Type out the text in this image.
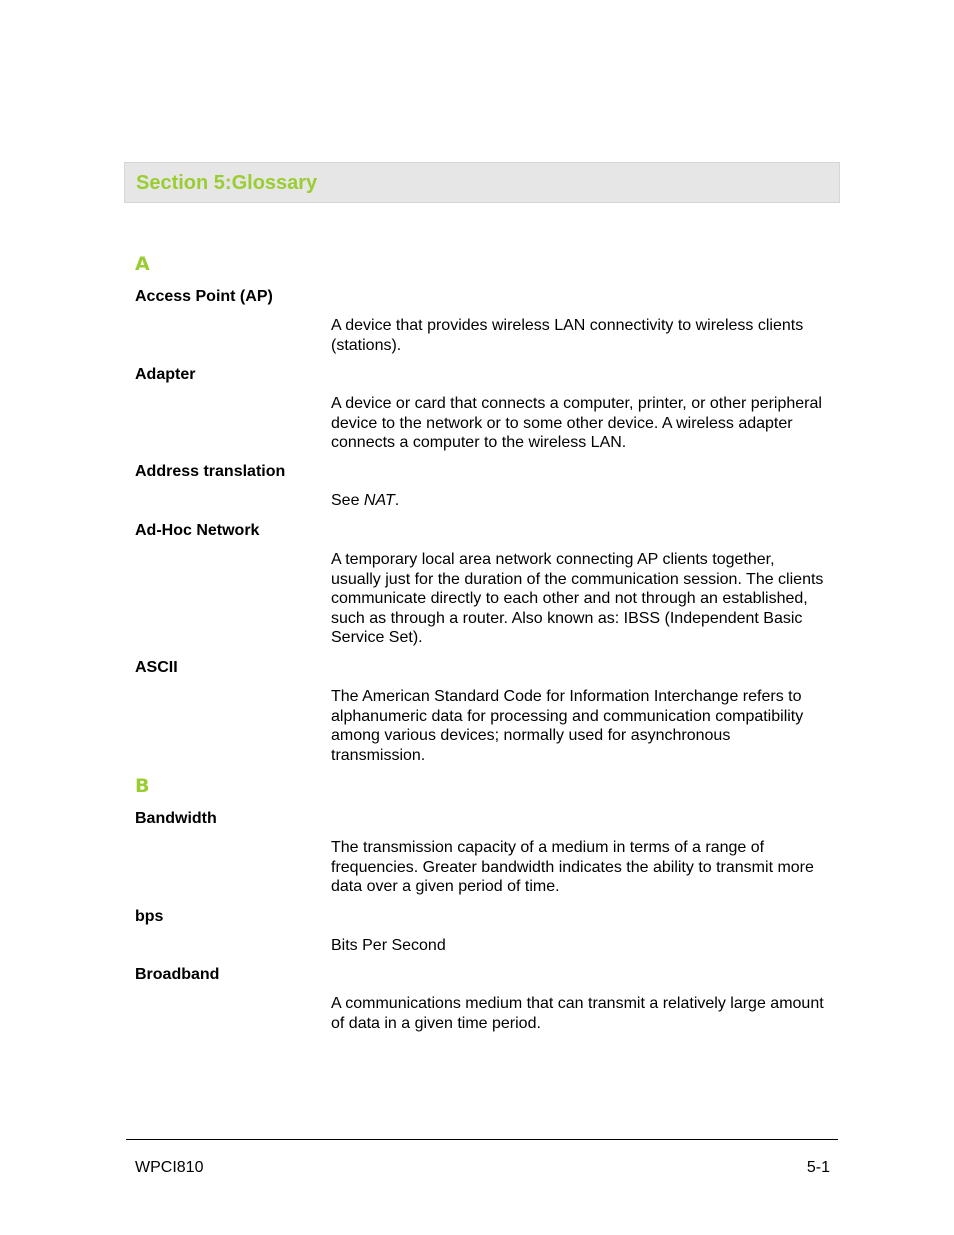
Section 5:Glossary
A
Access Point (AP)
A device that provides wireless LAN connectivity to wireless clients (stations).
Adapter
A device or card that connects a computer, printer, or other peripheral device to the network or to some other device. A wireless adapter connects a computer to the wireless LAN.
Address translation
See NAT.
Ad-Hoc Network
A temporary local area network connecting AP clients together, usually just for the duration of the communication session. The clients communicate directly to each other and not through an established, such as through a router. Also known as: IBSS (Independent Basic Service Set).
ASCII
The American Standard Code for Information Interchange refers to alphanumeric data for processing and communication compatibility among various devices; normally used for asynchronous transmission.
B
Bandwidth
The transmission capacity of a medium in terms of a range of frequencies. Greater bandwidth indicates the ability to transmit more data over a given period of time.
bps
Bits Per Second
Broadband
A communications medium that can transmit a relatively large amount of data in a given time period.
WPCI810	5-1
